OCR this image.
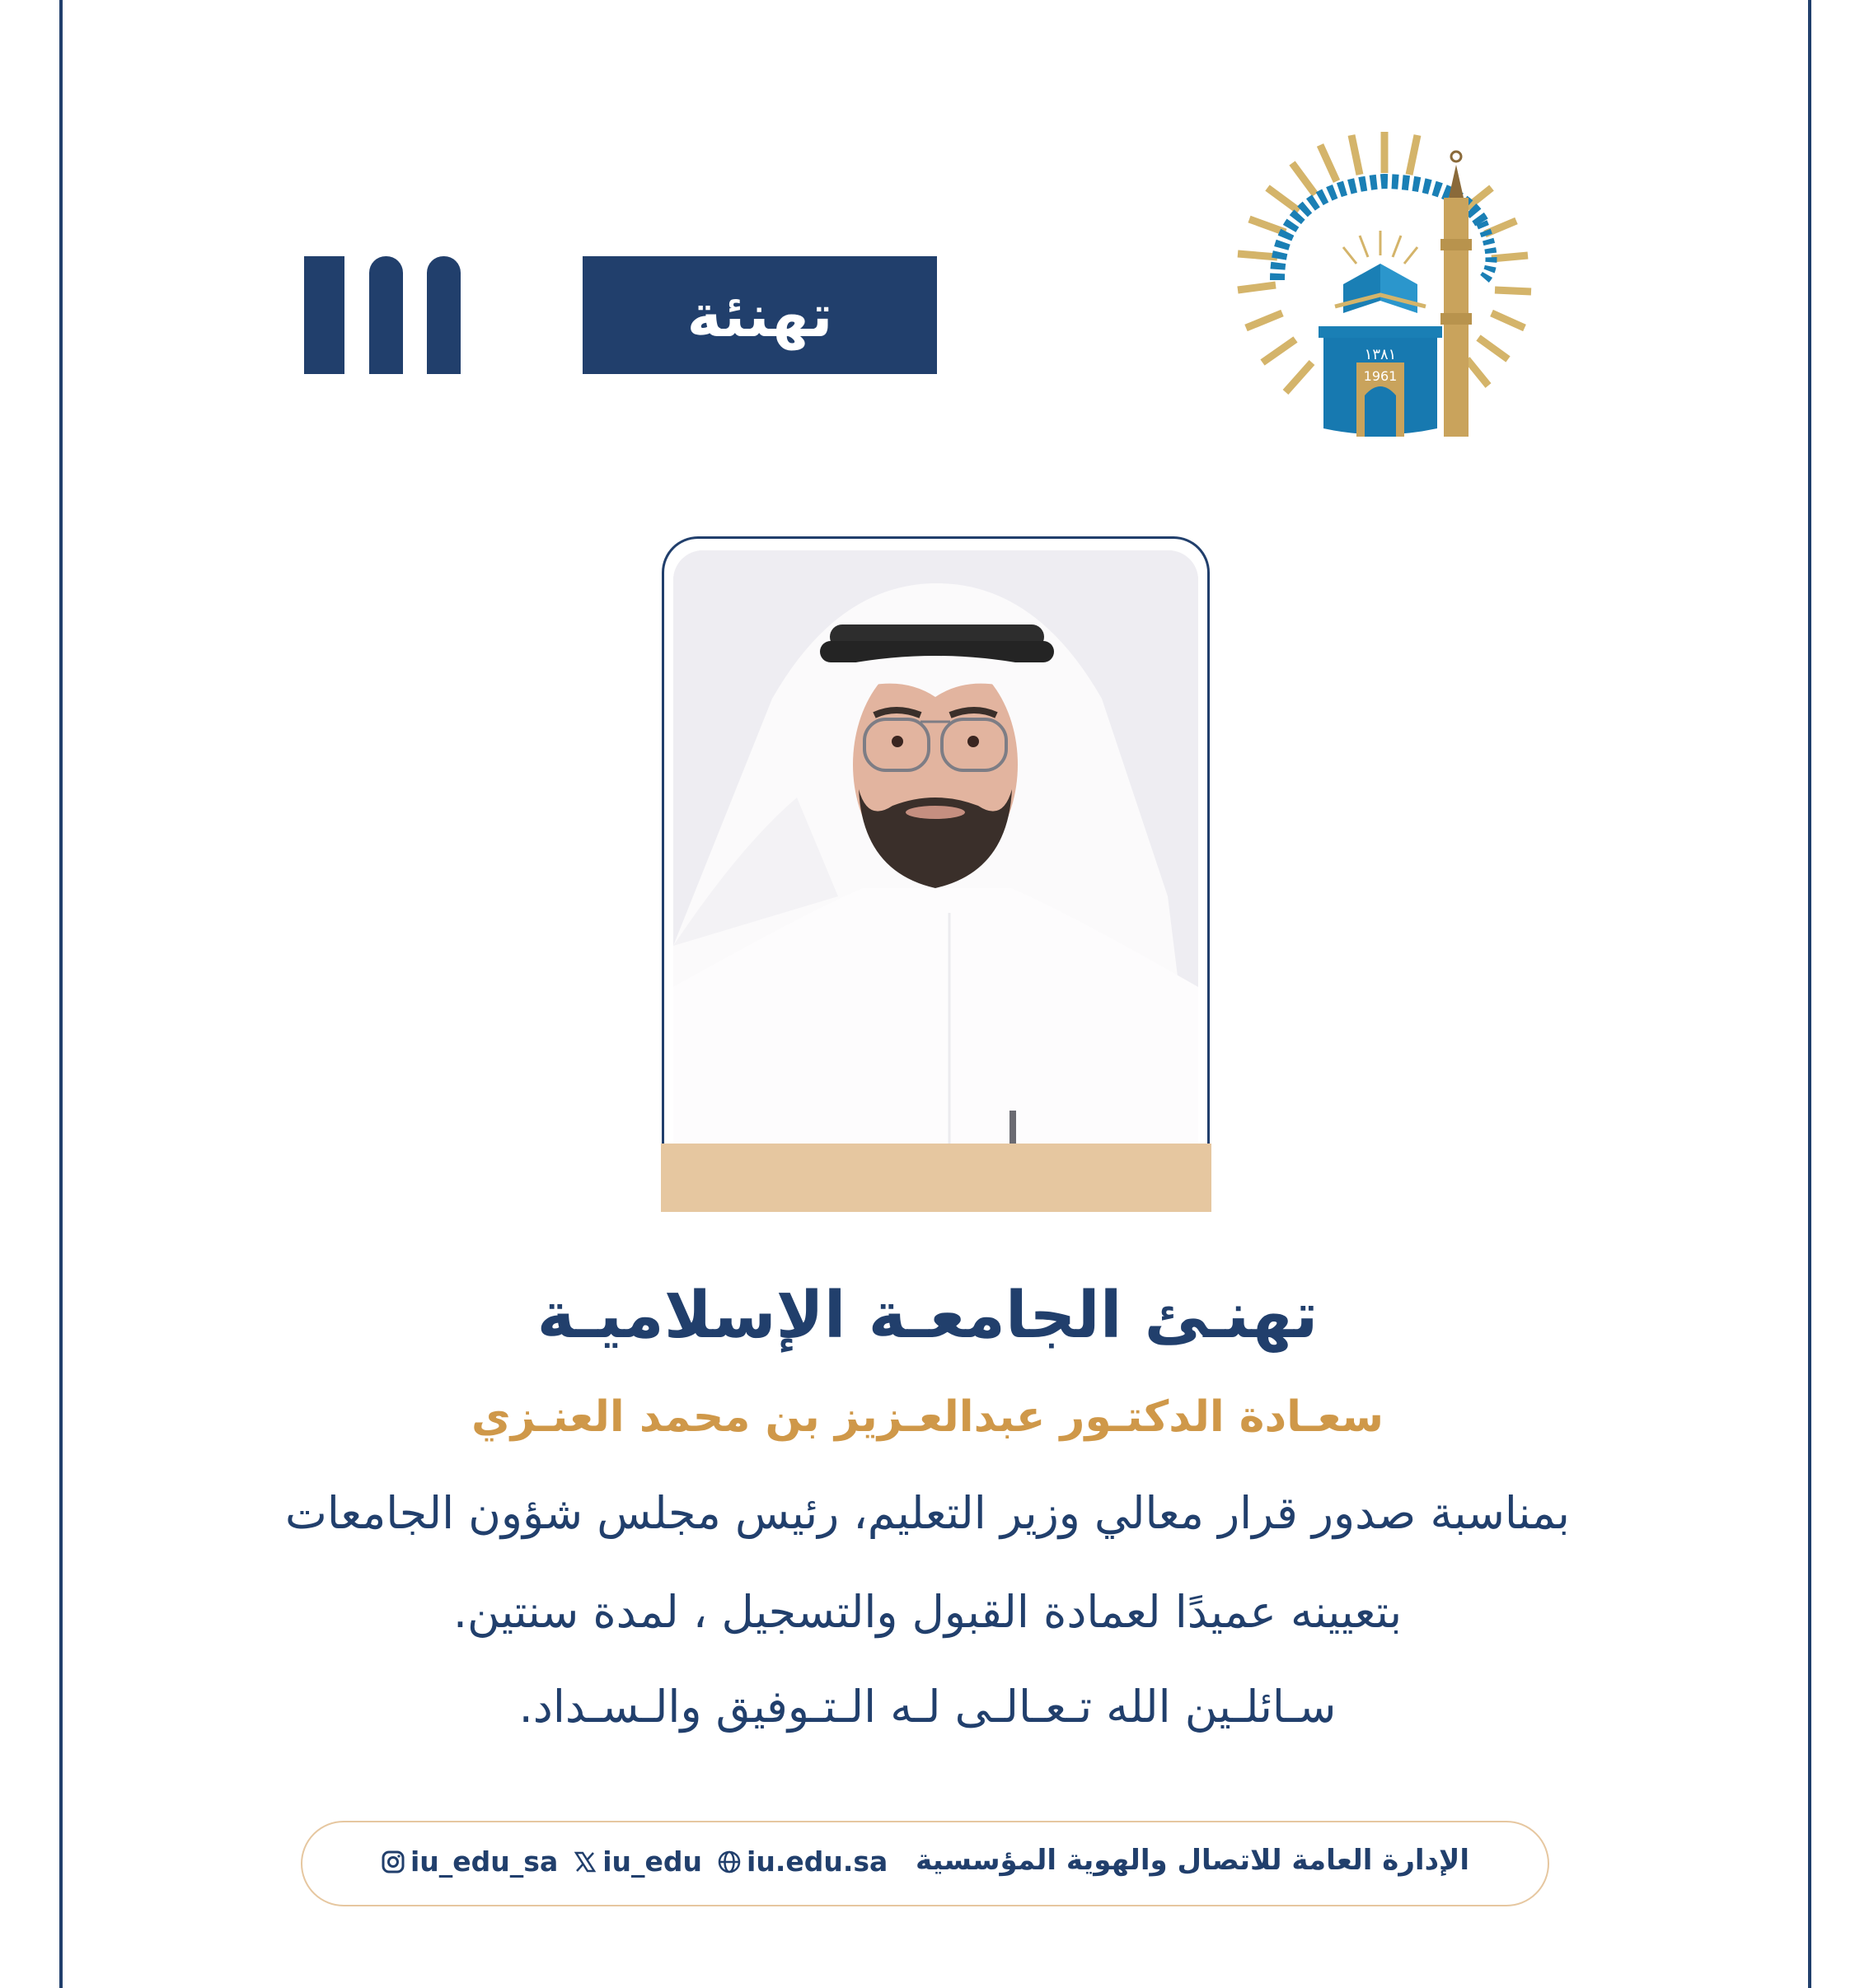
تهنئة
١٣٨١
1961
تهنـئ الجامعـة الإسلاميـة
سعـادة الدكتـور عبدالعـزيز بن محمد العنـزي
بمناسبة صدور قرار معالي وزير التعليم، رئيس مجلس شؤون الجامعات
بتعيينه عميدًا لعمادة القبول والتسجيل ، لمدة سنتين.
سـائلـين الله تـعـالـى لـه الـتـوفيق والـسـداد.
iu_edu_sa iu_edu iu.edu.sa الإدارة العامة للاتصال والهوية المؤسسية
